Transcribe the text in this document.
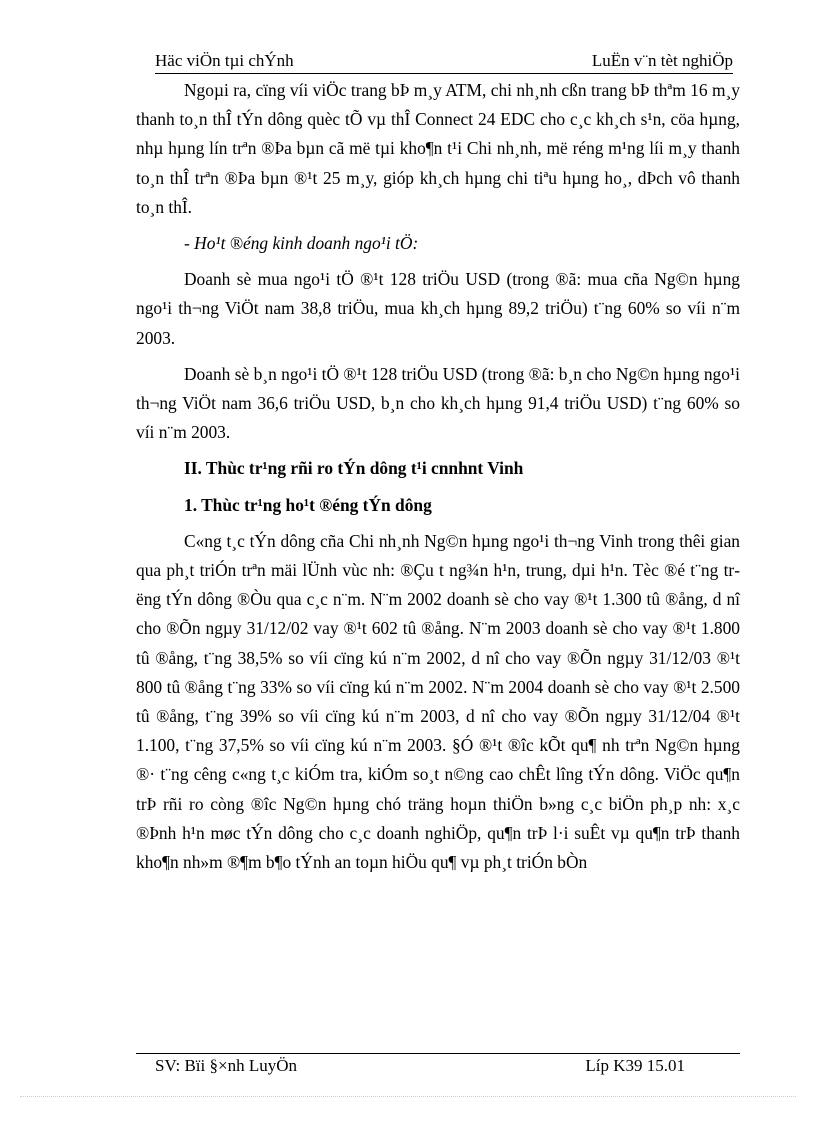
Häc viÖn tµi chÝnh	LuËn v¨n tèt nghiÖp

Ngoµi ra, cïng víi viÖc trang bÞ m¸y ATM, chi nh¸nh cßn trang bÞ thªm 16 m¸y thanh to¸n thÎ tÝn dông quèc tÕ vµ thÎ Connect 24 EDC cho c¸c kh¸ch s¹n, cöa hµng, nhµ hµng lín trªn ®Þa bµn cã më tµi kho¶n t¹i Chi nh¸nh, më réng m¹ng líi m¸y thanh to¸n thÎ trªn ®Þa bµn ®¹t 25 m¸y, gióp kh¸ch hµng chi tiªu hµng ho¸, dÞch vô thanh to¸n thÎ.

- Ho¹t ®éng kinh doanh ngo¹i tÖ:

Doanh sè mua ngo¹i tÖ ®¹t 128 triÖu USD (trong ®ã: mua cña Ng©n hµng ngo¹i th¬ng ViÖt nam 38,8 triÖu, mua kh¸ch hµng 89,2 triÖu) t¨ng 60% so víi n¨m 2003.

Doanh sè b¸n ngo¹i tÖ ®¹t 128 triÖu USD (trong ®ã: b¸n cho Ng©n hµng ngo¹i th¬ng ViÖt nam 36,6 triÖu USD, b¸n cho kh¸ch hµng 91,4 triÖu USD) t¨ng 60% so víi n¨m 2003.

II. Thùc tr¹ng rñi ro tÝn dông t¹i cnnhnt Vinh

1. Thùc tr¹ng ho¹t ®éng tÝn dông

C«ng t¸c tÝn dông cña Chi nh¸nh Ng©n hµng ngo¹i th¬ng Vinh trong thêi gian qua ph¸t triÓn trªn mäi lÜnh vùc nh: ®Çu t ng¾n h¹n, trung, dµi h¹n. Tèc ®é t¨ng trëng tÝn dông ®Òu qua c¸c n¨m. N¨m 2002 doanh sè cho vay ®¹t 1.300 tû ®ång, d nî cho ®Õn ngµy 31/12/02 vay ®¹t 602 tû ®ång. N¨m 2003 doanh sè cho vay ®¹t 1.800 tû ®ång, t¨ng 38,5% so víi cïng kú n¨m 2002, d nî cho vay ®Õn ngµy 31/12/03 ®¹t 800 tû ®ång t¨ng 33% so víi cïng kú n¨m 2002. N¨m 2004 doanh sè cho vay ®¹t 2.500 tû ®ång, t¨ng 39% so víi cïng kú n¨m 2003, d nî cho vay ®Õn ngµy 31/12/04 ®¹t 1.100, t¨ng 37,5% so víi cïng kú n¨m 2003. §Ó ®¹t ®îc kÕt qu¶ nh trªn Ng©n hµng ®· t¨ng cêng c«ng t¸c kiÓm tra, kiÓm so¸t n©ng cao chÊt lîng tÝn dông. ViÖc qu¶n trÞ rñi ro còng ®îc Ng©n hµng chó träng hoµn thiÖn b»ng c¸c biÖn ph¸p nh: x¸c ®Þnh h¹n møc tÝn dông cho c¸c doanh nghiÖp, qu¶n trÞ l·i suÊt vµ qu¶n trÞ thanh kho¶n nh»m ®¶m b¶o tÝnh an toµn hiÖu qu¶ vµ ph¸t triÓn bÒn

SV: Bïi §×nh LuyÖn	Líp K39 15.01
